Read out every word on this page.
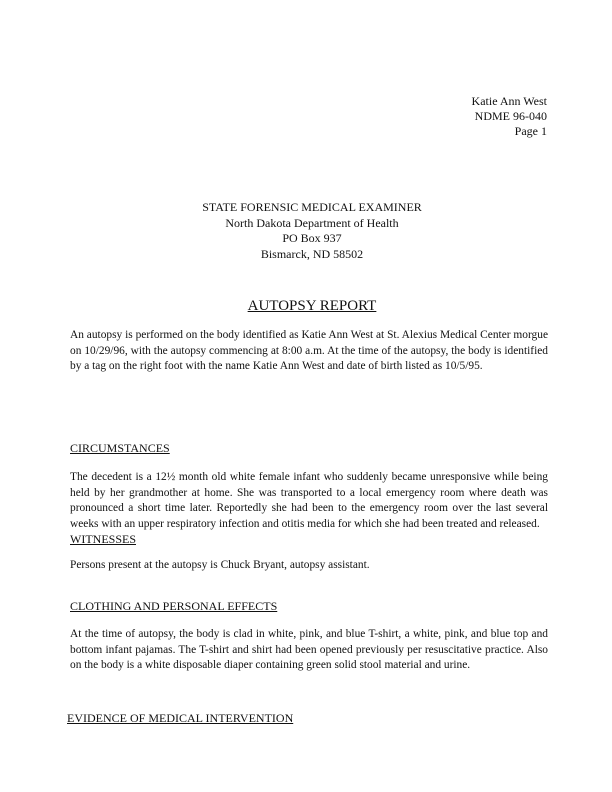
Katie Ann West
NDME 96-040
Page 1
STATE FORENSIC MEDICAL EXAMINER
North Dakota Department of Health
PO Box 937
Bismarck, ND 58502
AUTOPSY REPORT
An autopsy is performed on the body identified as Katie Ann West at St. Alexius Medical Center morgue on 10/29/96, with the autopsy commencing at 8:00 a.m. At the time of the autopsy, the body is identified by a tag on the right foot with the name Katie Ann West and date of birth listed as 10/5/95.
CIRCUMSTANCES
The decedent is a 12½ month old white female infant who suddenly became unresponsive while being held by her grandmother at home. She was transported to a local emergency room where death was pronounced a short time later. Reportedly she had been to the emergency room over the last several weeks with an upper respiratory infection and otitis media for which she had been treated and released.
WITNESSES
Persons present at the autopsy is Chuck Bryant, autopsy assistant.
CLOTHING AND PERSONAL EFFECTS
At the time of autopsy, the body is clad in white, pink, and blue T-shirt, a white, pink, and blue top and bottom infant pajamas. The T-shirt and shirt had been opened previously per resuscitative practice. Also on the body is a white disposable diaper containing green solid stool material and urine.
EVIDENCE OF MEDICAL INTERVENTION
